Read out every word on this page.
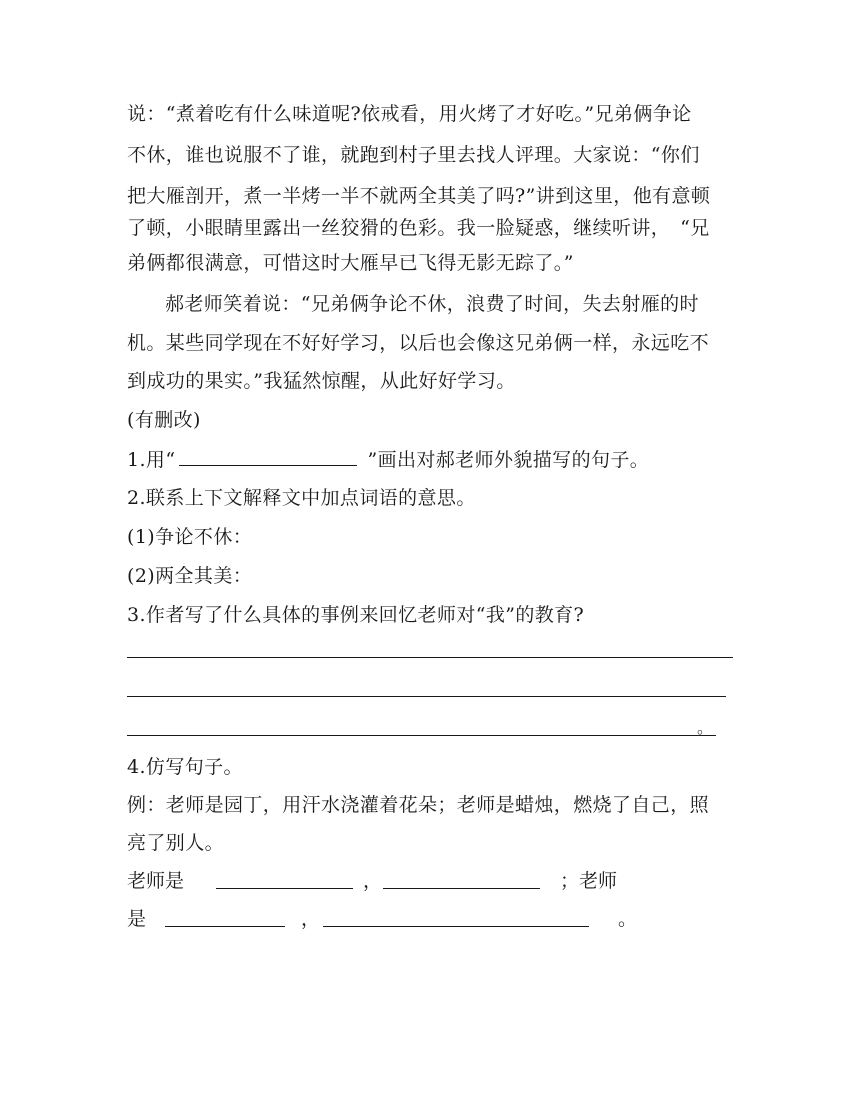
说：“煮着吃有什么味道呢?依戒看，用火烤了才好吃。”兄弟俩争论
不休，谁也说服不了谁，就跑到村子里去找人评理。大家说：“你们
把大雁剖开，煮一半烤一半不就两全其美了吗?”讲到这里，他有意顿
了顿，小眼睛里露出一丝狡猾的色彩。我一脸疑惑，继续听讲，　“兄
弟俩都很满意，可惜这时大雁早已飞得无影无踪了。”
郝老师笑着说：“兄弟俩争论不休，浪费了时间，失去射雁的时
机。某些同学现在不好好学习，以后也会像这兄弟俩一样，永远吃不
到成功的果实。”我猛然惊醒，从此好好学习。
(有删改)
1.用“	”画出对郝老师外貌描写的句子。
2.联系上下文解释文中加点词语的意思。
(1)争论不休：
(2)两全其美：
3.作者写了什么具体的事例来回忆老师对“我”的教育?
。
4.仿写句子。
例：老师是园丁，用汗水浇灌着花朵；老师是蜡烛，燃烧了自己，照
亮了别人。
老师是	，	；老师
是	，	。
